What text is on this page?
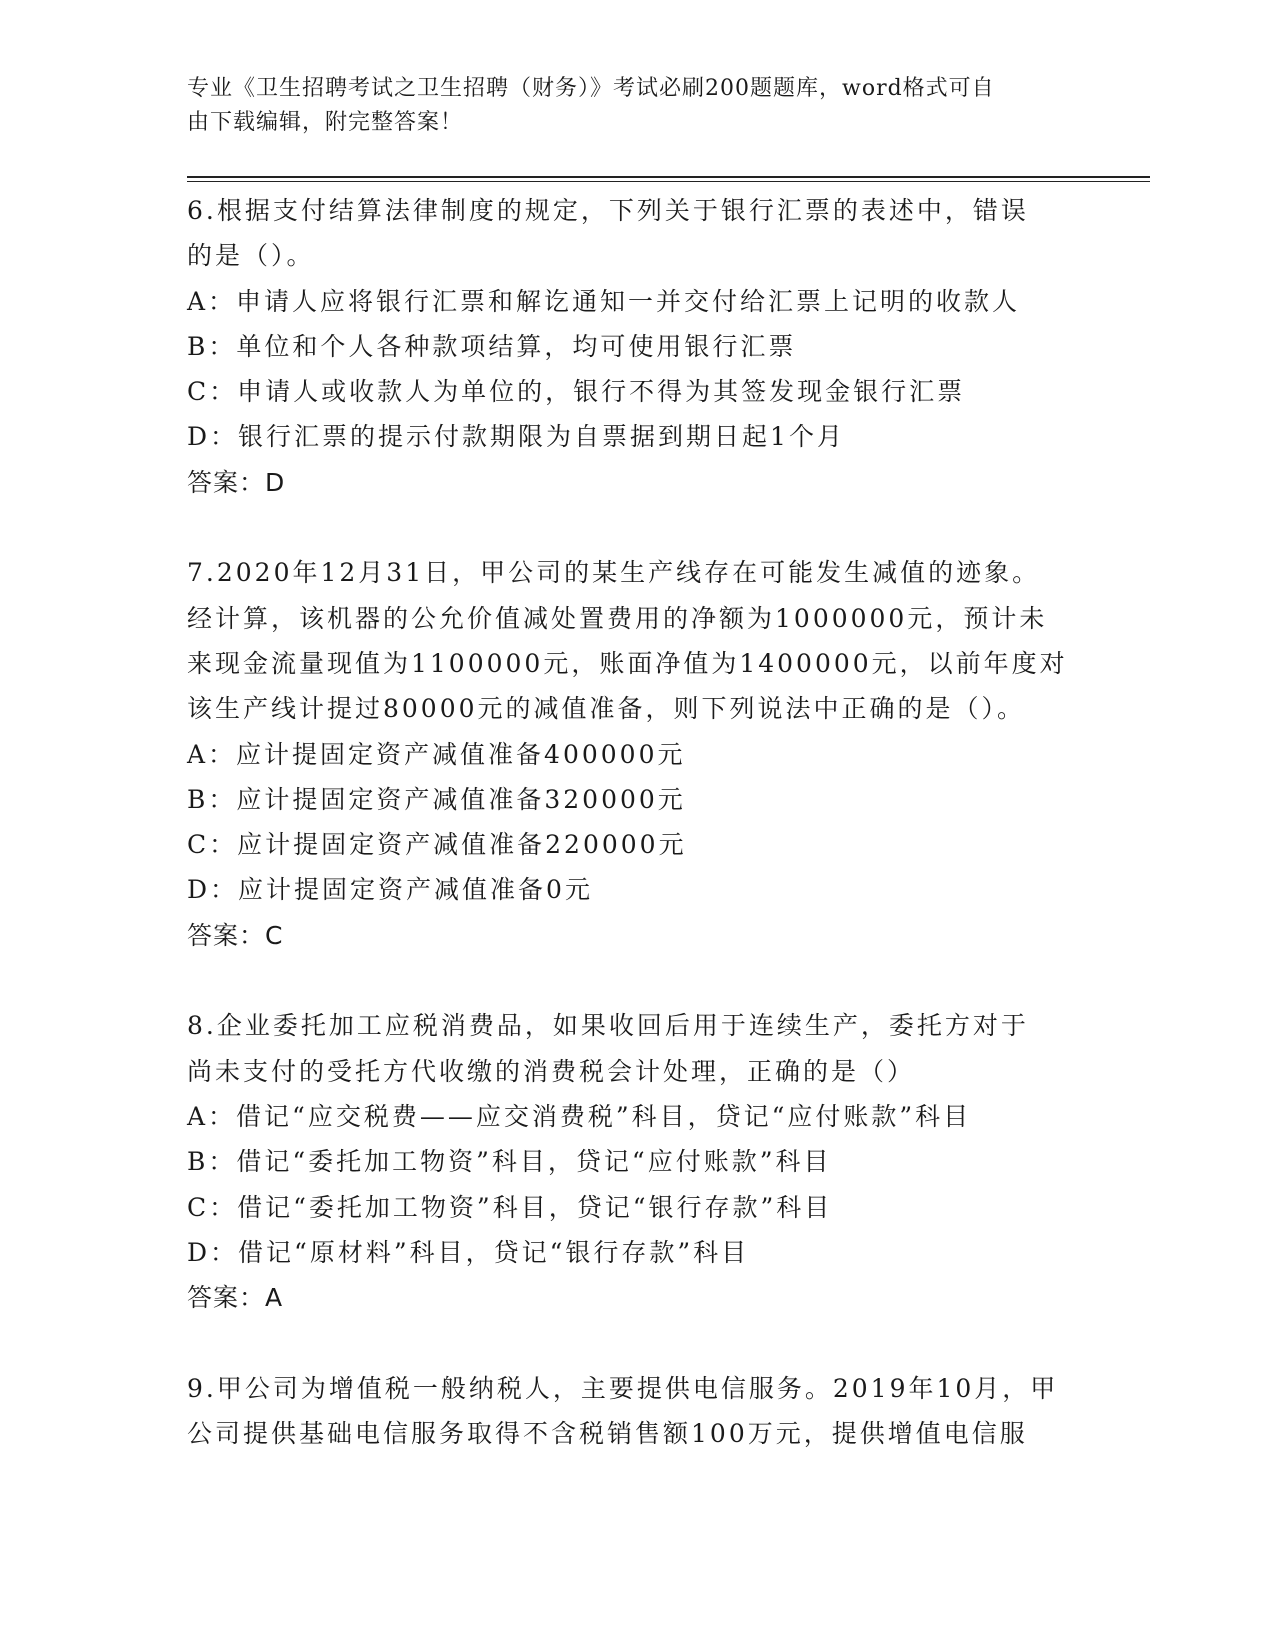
专业《卫生招聘考试之卫生招聘（财务）》考试必刷200题题库，word格式可自
由下载编辑，附完整答案！
6.根据支付结算法律制度的规定，下列关于银行汇票的表述中，错误
的是（）。
A：申请人应将银行汇票和解讫通知一并交付给汇票上记明的收款人
B：单位和个人各种款项结算，均可使用银行汇票
C：申请人或收款人为单位的，银行不得为其签发现金银行汇票
D：银行汇票的提示付款期限为自票据到期日起1个月
答案：D
7.2020年12月31日，甲公司的某生产线存在可能发生减值的迹象。
经计算，该机器的公允价值减处置费用的净额为1000000元，预计未
来现金流量现值为1100000元，账面净值为1400000元，以前年度对
该生产线计提过80000元的减值准备，则下列说法中正确的是（）。
A：应计提固定资产减值准备400000元
B：应计提固定资产减值准备320000元
C：应计提固定资产减值准备220000元
D：应计提固定资产减值准备0元
答案：C
8.企业委托加工应税消费品，如果收回后用于连续生产，委托方对于
尚未支付的受托方代收缴的消费税会计处理，正确的是（）
A：借记“应交税费——应交消费税”科目，贷记“应付账款”科目
B：借记“委托加工物资”科目，贷记“应付账款”科目
C：借记“委托加工物资”科目，贷记“银行存款”科目
D：借记“原材料”科目，贷记“银行存款”科目
答案：A
9.甲公司为增值税一般纳税人，主要提供电信服务。2019年10月，甲
公司提供基础电信服务取得不含税销售额100万元，提供增值电信服
